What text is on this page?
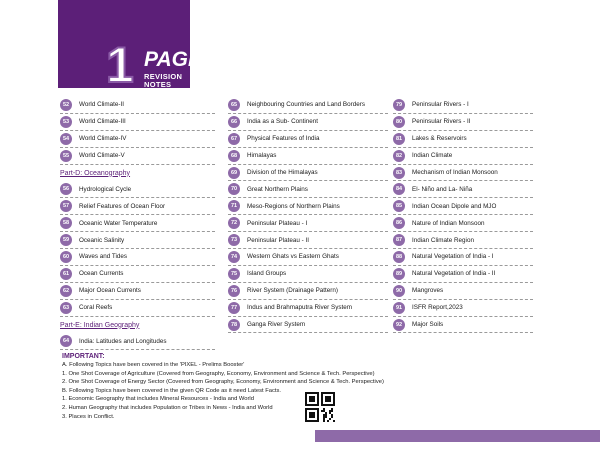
1 PAGER
REVISION NOTES
52	World Climate-II
53	World Climate-III
54	World Climate-IV
55	World Climate-V
Part-D: Oceanography
56	Hydrological Cycle
57	Relief Features of Ocean Floor
58	Oceanic Water Temperature
59	Oceanic Salinity
60	Waves and Tides
61	Ocean Currents
62	Major Ocean Currents
63	Coral Reefs
Part-E: Indian Geography
64	India: Latitudes and Longitudes
65	Neighbouring Countries and Land Borders
66	India as a Sub- Continent
67	Physical Features of India
68	Himalayas
69	Division of the Himalayas
70	Great Northern Plains
71	Meso-Regions of Northern Plains
72	Peninsular Plateau - I
73	Peninsular Plateau - II
74	Western Ghats vs Eastern Ghats
75	Island Groups
76	River System (Drainage Pattern)
77	Indus and Brahmaputra River System
78	Ganga River System
79	Peninsular Rivers - I
80	Peninsular Rivers - II
81	Lakes & Reservoirs
82	Indian Climate
83	Mechanism of Indian Monsoon
84	El- Niño and La- Niña
85	Indian Ocean Dipole and MJO
86	Nature of Indian Monsoon
87	Indian Climate Region
88	Natural Vegetation of India - I
89	Natural Vegetation of India - II
90	Mangroves
91	ISFR Report,2023
92	Major Soils
IMPORTANT:
A. Following Topics have been covered in the 'PIXEL - Prelims Booster'
1. One Shot Coverage of Agriculture (Covered from Geography, Economy, Environment and Science & Tech. Perspective)
2. One Shot Coverage of Energy Sector (Covered from Geography, Economy, Environment and Science & Tech. Perspective)
B. Following Topics have been covered in the given QR Code as it need Latest Facts.
1. Economic Geography that includes Mineral Resources - India and World
2. Human Geography that includes Population or Tribes in News - India and World
3. Places in Conflict.
